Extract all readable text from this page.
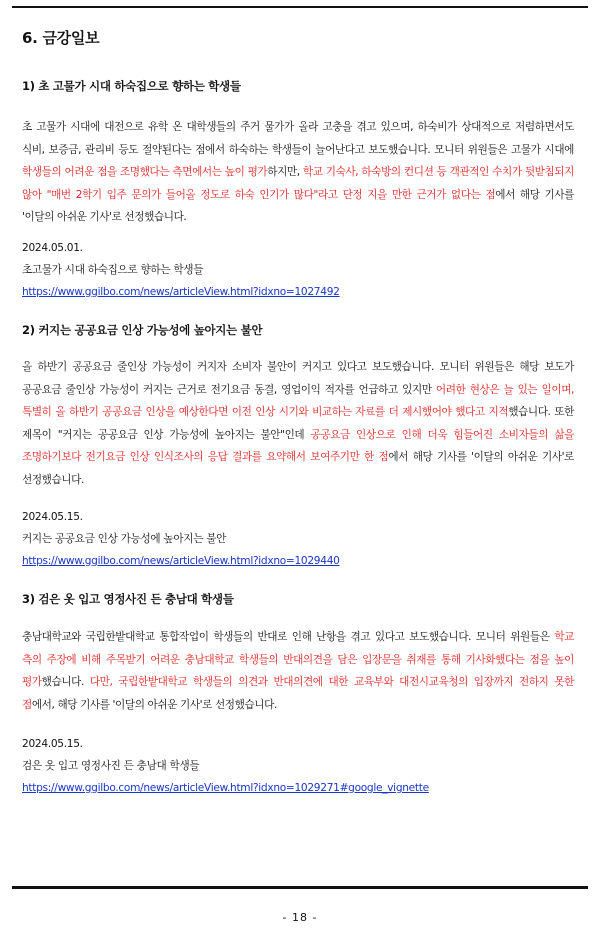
6. 금강일보
1) 초 고물가 시대 하숙집으로 향하는 학생들
초 고물가 시대에 대전으로 유학 온 대학생들의 주거 물가가 올라 고충을 겪고 있으며, 하숙비가 상대적으로 저렴하면서도 식비, 보증금, 관리비 등도 절약된다는 점에서 하숙하는 학생들이 늘어난다고 보도했습니다. 모니터 위원들은 고물가 시대에 학생들의 어려운 점을 조명했다는 측면에서는 높이 평가하지만, 학교 기숙사, 하숙방의 컨디션 등 객관적인 수치가 뒷받침되지 않아 "매번 2학기 입주 문의가 들어올 정도로 하숙 인기가 많다"라고 단정 지을 만한 근거가 없다는 점에서 해당 기사를 '이달의 아쉬운 기사'로 선정했습니다.
2024.05.01.
초고물가 시대 하숙집으로 향하는 학생들
https://www.ggilbo.com/news/articleView.html?idxno=1027492
2) 커지는 공공요금 인상 가능성에 높아지는 불안
올 하반기 공공요금 줄인상 가능성이 커지자 소비자 불안이 커지고 있다고 보도했습니다. 모니터 위원들은 해당 보도가 공공요금 줄인상 가능성이 커지는 근거로 전기요금 동결, 영업이익 적자를 언급하고 있지만 어려한 현상은 늘 있는 일이며, 특별히 올 하반기 공공요금 인상을 예상한다면 이전 인상 시기와 비교하는 자료를 더 제시했어야 했다고 지적했습니다. 또한 제목이 "커지는 공공요금 인상 가능성에 높아지는 불안"인데 공공요금 인상으로 인해 더욱 힘들어진 소비자들의 삶을 조명하기보다 전기요금 인상 인식조사의 응답 결과를 요약해서 보여주기만 한 점에서 해당 기사를 '이달의 아쉬운 기사'로 선정했습니다.
2024.05.15.
커지는 공공요금 인상 가능성에 높아지는 불안
https://www.ggilbo.com/news/articleView.html?idxno=1029440
3) 검은 옷 입고 영정사진 든 충남대 학생들
충남대학교와 국립한밭대학교 통합작업이 학생들의 반대로 인해 난항을 겪고 있다고 보도했습니다. 모니터 위원들은 학교 측의 주장에 비해 주목받기 어려운 충남대학교 학생들의 반대의견을 담은 입장문을 취재를 통해 기사화했다는 점을 높이 평가했습니다. 다만, 국립한밭대학교 학생들의 의견과 반대의견에 대한 교육부와 대전시교육청의 입장까지 전하지 못한 점에서, 해당 기사를 '이달의 아쉬운 기사'로 선정했습니다.
2024.05.15.
검은 옷 입고 영정사진 든 충남대 학생들
https://www.ggilbo.com/news/articleView.html?idxno=1029271#google_vignette
- 18 -
